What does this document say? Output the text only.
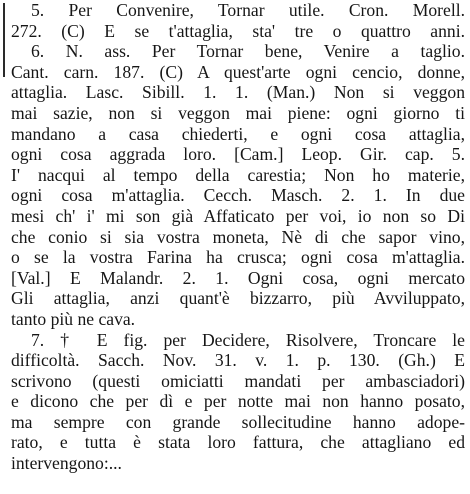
5. Per Convenire, Tornar utile. Cron. Morell.
272. (C) E se t'attaglia, sta' tre o quattro anni.
6. N. ass. Per Tornar bene, Venire a taglio.
Cant. carn. 187. (C) A quest'arte ogni cencio, donne,
attaglia. Lasc. Sibill. 1. 1. (Man.) Non si veggon
mai sazie, non si veggon mai piene: ogni giorno ti
mandano a casa chiederti, e ogni cosa attaglia,
ogni cosa aggrada loro. [Cam.] Leop. Gir. cap. 5.
I' nacqui al tempo della carestia; Non ho materie,
ogni cosa m'attaglia. Cecch. Masch. 2. 1. In due
mesi ch' i' mi son già Affaticato per voi, io non so Di
che conio si sia vostra moneta, Nè di che sapor vino,
o se la vostra Farina ha crusca; ogni cosa m'attaglia.
[Val.] E Malandr. 2. 1. Ogni cosa, ogni mercato
Gli attaglia, anzi quant'è bizzarro, più Avviluppato,
tanto più ne cava.
7. † E fig. per Decidere, Risolvere, Troncare le
difficoltà. Sacch. Nov. 31. v. 1. p. 130. (Gh.) E
scrivono (questi omiciatti mandati per ambasciadori)
e dicono che per dì e per notte mai non hanno posato,
ma sempre con grande sollecitudine hanno adope-
rato, e tutta è stata loro fattura, che attagliano ed
intervengono:...
